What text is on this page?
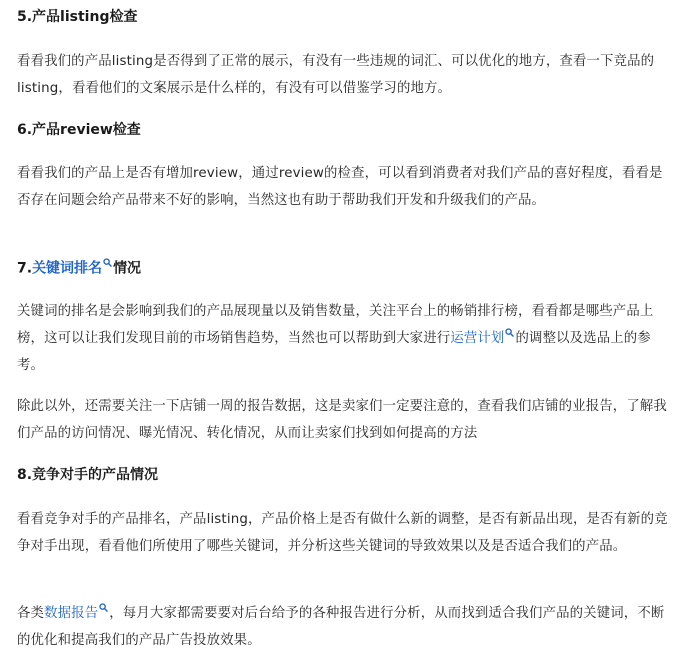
5.产品listing检查
看看我们的产品listing是否得到了正常的展示，有没有一些违规的词汇、可以优化的地方，查看一下竞品的listing，看看他们的文案展示是什么样的，有没有可以借鉴学习的地方。
6.产品review检查
看看我们的产品上是否有增加review，通过review的检查，可以看到消费者对我们产品的喜好程度，看看是否存在问题会给产品带来不好的影响，当然这也有助于帮助我们开发和升级我们的产品。
7.关键词排名 情况
关键词的排名是会影响到我们的产品展现量以及销售数量，关注平台上的畅销排行榜，看看都是哪些产品上榜，这可以让我们发现目前的市场销售趋势，当然也可以帮助到大家进行运营计划 的调整以及选品上的参考。
除此以外，还需要关注一下店铺一周的报告数据，这是卖家们一定要注意的，查看我们店铺的业报告，了解我们产品的访问情况、曝光情况、转化情况，从而让卖家们找到如何提高的方法
8.竞争对手的产品情况
看看竞争对手的产品排名，产品listing，产品价格上是否有做什么新的调整，是否有新品出现，是否有新的竞争对手出现，看看他们所使用了哪些关键词，并分析这些关键词的导致效果以及是否适合我们的产品。
各类数据报告 ，每月大家都需要要对后台给予的各种报告进行分析，从而找到适合我们产品的关键词，不断的优化和提高我们的产品广告投放效果。
